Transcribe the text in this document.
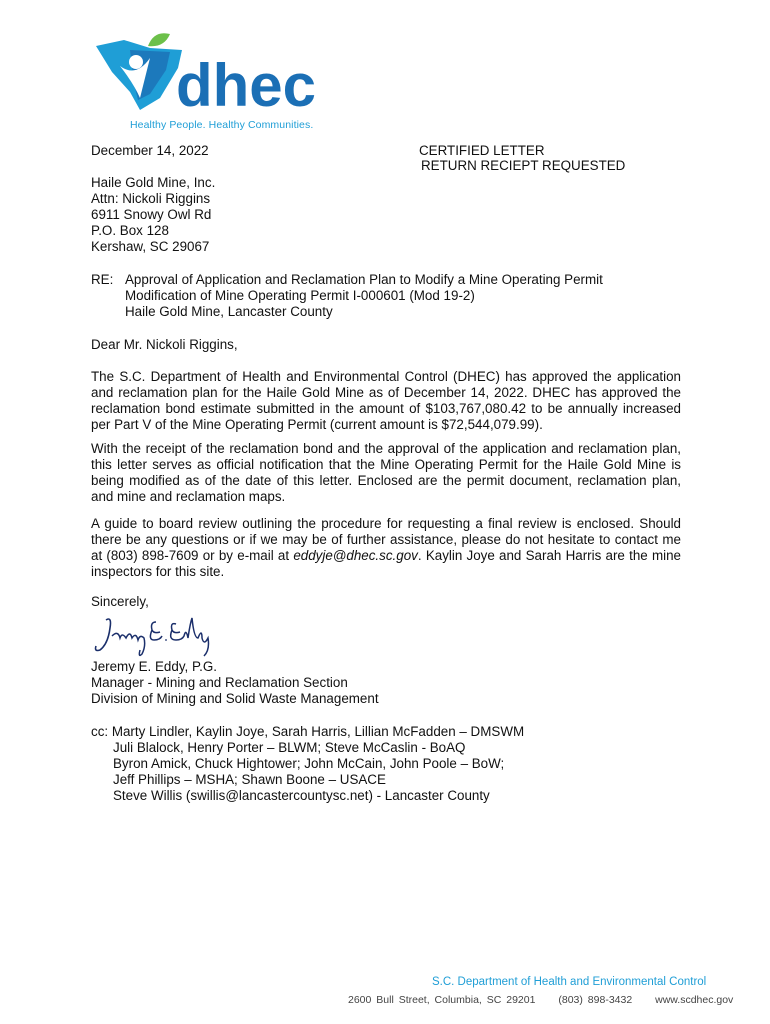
dhec
Healthy People. Healthy Communities.
December 14, 2022	CERTIFIED LETTER
RETURN RECIEPT REQUESTED
Haile Gold Mine, Inc.
Attn: Nickoli Riggins
6911 Snowy Owl Rd
P.O. Box 128
Kershaw, SC 29067
RE: Approval of Application and Reclamation Plan to Modify a Mine Operating Permit
Modification of Mine Operating Permit I-000601 (Mod 19-2)
Haile Gold Mine, Lancaster County
Dear Mr. Nickoli Riggins,
The S.C. Department of Health and Environmental Control (DHEC) has approved the application and reclamation plan for the Haile Gold Mine as of December 14, 2022. DHEC has approved the reclamation bond estimate submitted in the amount of $103,767,080.42 to be annually increased per Part V of the Mine Operating Permit (current amount is $72,544,079.99).
With the receipt of the reclamation bond and the approval of the application and reclamation plan, this letter serves as official notification that the Mine Operating Permit for the Haile Gold Mine is being modified as of the date of this letter. Enclosed are the permit document, reclamation plan, and mine and reclamation maps.
A guide to board review outlining the procedure for requesting a final review is enclosed. Should there be any questions or if we may be of further assistance, please do not hesitate to contact me at (803) 898-7609 or by e-mail at eddyje@dhec.sc.gov. Kaylin Joye and Sarah Harris are the mine inspectors for this site.
Sincerely,
Jeremy E. Eddy, P.G.
Manager - Mining and Reclamation Section
Division of Mining and Solid Waste Management
cc: Marty Lindler, Kaylin Joye, Sarah Harris, Lillian McFadden – DMSWM
Juli Blalock, Henry Porter – BLWM; Steve McCaslin - BoAQ
Byron Amick, Chuck Hightower; John McCain, John Poole – BoW;
Jeff Phillips – MSHA; Shawn Boone – USACE
Steve Willis (swillis@lancastercountysc.net) - Lancaster County
S.C. Department of Health and Environmental Control
2600 Bull Street, Columbia, SC 29201 (803) 898-3432 www.scdhec.gov
